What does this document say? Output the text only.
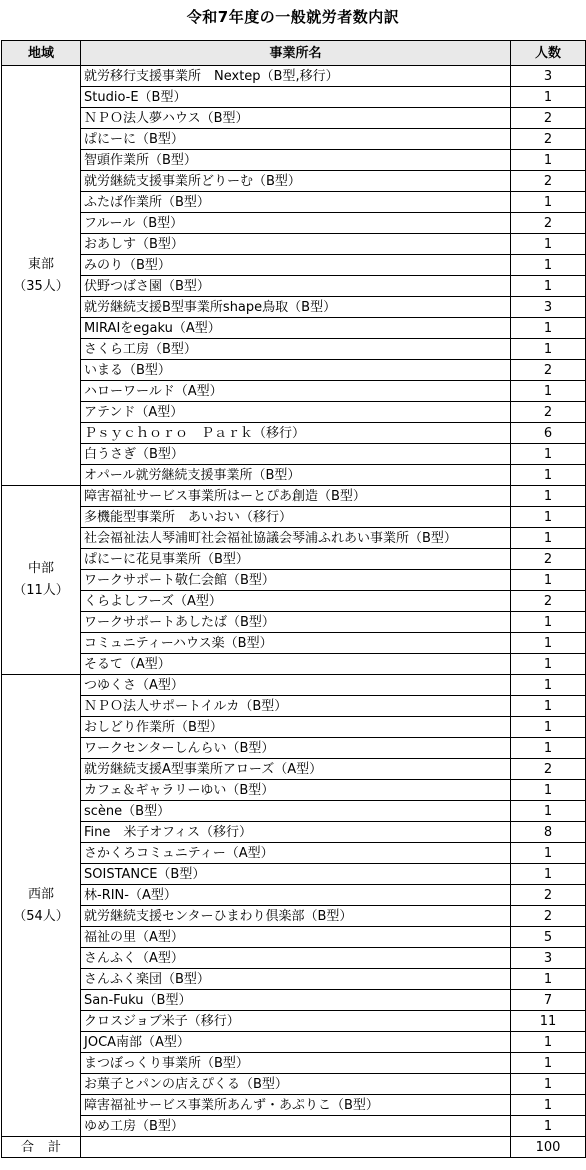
令和7年度の一般就労者数内訳
地域	事業所名	人数

東部
（35人）	就労移行支援事業所　Nextep（B型,移行）	3
	Studio-E（B型）	1
	ＮＰＯ法人夢ハウス（B型）	2
	ぱにーに（B型）	2
	智頭作業所（B型）	1
	就労継続支援事業所どりーむ（B型）	2
	ふたば作業所（B型）	1
	フルール（B型）	2
	おあしす（B型）	1
	みのり（B型）	1
	伏野つばさ園（B型）	1
	就労継続支援B型事業所shape鳥取（B型）	3
	MIRAIをegaku（A型）	1
	さくら工房（B型）	1
	いまる（B型）	2
	ハローワールド（A型）	1
	アテンド（A型）	2
	Ｐｓｙｃｈｏｒｏ　Ｐａｒｋ（移行）	6
	白うさぎ（B型）	1
	オパール就労継続支援事業所（B型）	1

中部
（11人）	障害福祉サービス事業所はーとぴあ創造（B型）	1
	多機能型事業所　あいおい（移行）	1
	社会福祉法人琴浦町社会福祉協議会琴浦ふれあい事業所（B型）	1
	ぱにーに花見事業所（B型）	2
	ワークサポート敬仁会館（B型）	1
	くらよしフーズ（A型）	2
	ワークサポートあしたば（B型）	1
	コミュニティーハウス楽（B型）	1
	そるて（A型）	1

西部
（54人）	つゆくさ（A型）	1
	ＮＰＯ法人サポートイルカ（B型）	1
	おしどり作業所（B型）	1
	ワークセンターしんらい（B型）	1
	就労継続支援A型事業所アローズ（A型）	2
	カフェ＆ギャラリーゆい（B型）	1
	scène（B型）	1
	Fine　米子オフィス（移行）	8
	さかくろコミュニティー（A型）	1
	SOISTANCE（B型）	1
	林-RIN-（A型）	2
	就労継続支援センターひまわり倶楽部（B型）	2
	福祉の里（A型）	5
	さんふく（A型）	3
	さんふく楽団（B型）	1
	San-Fuku（B型）	7
	クロスジョブ米子（移行）	11
	JOCA南部（A型）	1
	まつぼっくり事業所（B型）	1
	お菓子とパンの店えぴくる（B型）	1
	障害福祉サービス事業所あんず・あぷりこ（B型）	1
	ゆめ工房（B型）	1
合計		100
